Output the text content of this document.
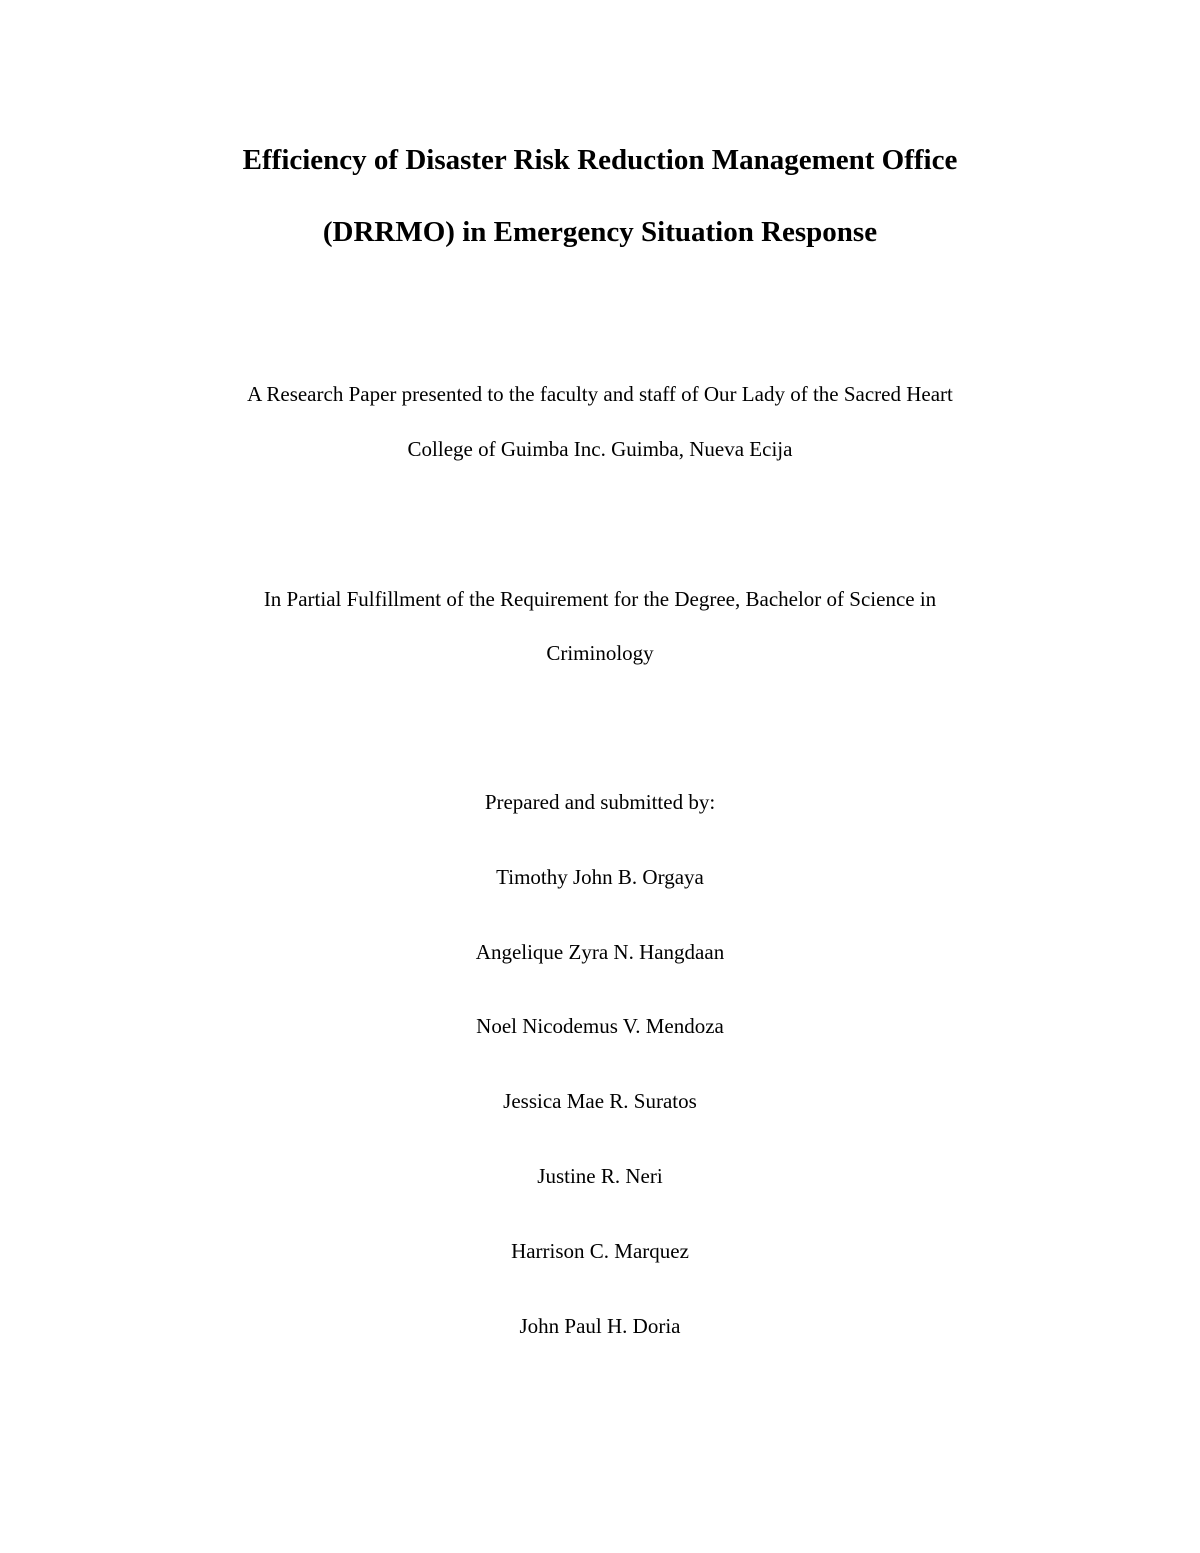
Efficiency of Disaster Risk Reduction Management Office
(DRRMO) in Emergency Situation Response
A Research Paper presented to the faculty and staff of Our Lady of the Sacred Heart
College of Guimba Inc. Guimba, Nueva Ecija
In Partial Fulfillment of the Requirement for the Degree, Bachelor of Science in
Criminology
Prepared and submitted by:
Timothy John B. Orgaya
Angelique Zyra N. Hangdaan
Noel Nicodemus V. Mendoza
Jessica Mae R. Suratos
Justine R. Neri
Harrison C. Marquez
John Paul H. Doria
